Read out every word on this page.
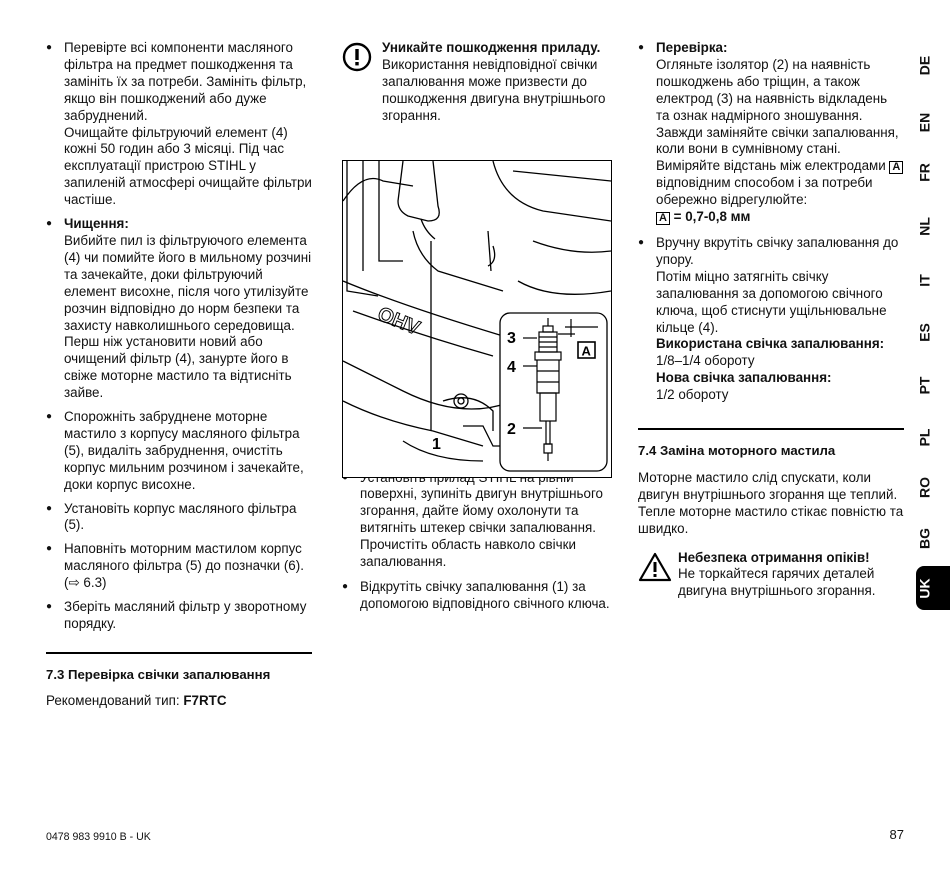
● Перевірте всі компоненти масляного фільтра на предмет пошкодження та замініть їх за потреби. Замініть фільтр, якщо він пошкоджений або дуже забруднений.
Очищайте фільтруючий елемент (4) кожні 50 годин або 3 місяці. Під час експлуатації пристрою STIHL у запиленій атмосфері очищайте фільтри частіше.
● Чищення:
Вибийте пил із фільтруючого елемента (4) чи помийте його в мильному розчині та зачекайте, доки фільтруючий елемент висохне, після чого утилізуйте розчин відповідно до норм безпеки та захисту навколишнього середовища.
Перш ніж установити новий або очищений фільтр (4), занурте його в свіже моторне мастило та відтисніть зайве.
● Спорожніть забруднене моторне мастило з корпусу масляного фільтра (5), видаліть забруднення, очистіть корпус мильним розчином і зачекайте, доки корпус висохне.
● Установіть корпус масляного фільтра (5).
● Наповніть моторним мастилом корпус масляного фільтра (5) до позначки (6).(⇨ 6.3)
● Зберіть масляний фільтр у зворотному порядку.
7.3 Перевірка свічки запалювання
Рекомендований тип: F7RTC
Уникайте пошкодження приладу.
Використання невідповідної свічки запалювання може призвести до пошкодження двигуна внутрішнього згорання.
● поверхні, зупиніть двигун внутрішнього згорання, дайте йому охолонути та витягніть штекер свічки запалювання. Прочистіть область навколо свічки запалювання.
● Відкрутіть свічку запалювання (1) за допомогою відповідного свічного ключа.
OHV
1
A
3
4
2
● Перевірка:
Огляньте ізолятор (2) на наявність пошкоджень або тріщин, а також електрод (3) на наявність відкладень та ознак надмірного зношування. Завжди заміняйте свічки запалювання, коли вони в сумнівному стані.
Виміряйте відстань між електродами A відповідним способом і за потреби обережно відрегулюйте:
A = 0,7-0,8 мм
● Вручну вкрутіть свічку запалювання до упору.
Потім міцно затягніть свічку запалювання за допомогою свічного ключа, щоб стиснути ущільнювальне кільце (4).
Використана свічка запалювання:
1/8–1/4 обороту
Нова свічка запалювання:
1/2 обороту
7.4 Заміна моторного мастила
Моторне мастило слід спускати, коли двигун внутрішнього згорання ще теплий. Тепле моторне мастило стікає повністю та швидко.
Небезпека отримання опіків!
Не торкайтеся гарячих деталей двигуна внутрішнього згорання.
DE
EN
FR
NL
IT
ES
PT
PL
RO
BG
UK
0478 983 9910 B - UK	87
